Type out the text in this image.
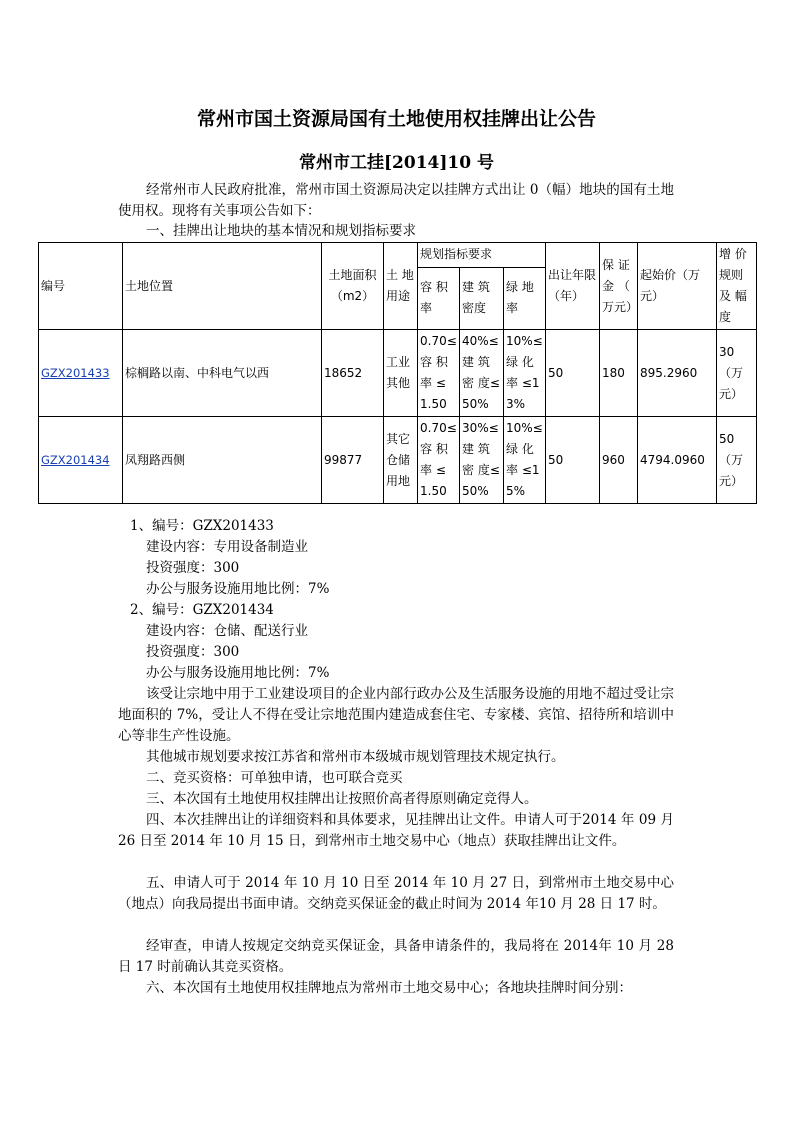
常州市国土资源局国有土地使用权挂牌出让公告
常州市工挂[2014]10 号
经常州市人民政府批准，常州市国土资源局决定以挂牌方式出让 0（幅）地块的国有土地使用权。现将有关事项公告如下：
一、挂牌出让地块的基本情况和规划指标要求
编号	土地位置	土地面积（m2）	土 地用途	规划指标要求			出让年限（年）	保 证金 （ 万元）	起始价（万元）	增 价规则及 幅度
				容 积率	建 筑密度	绿 地率				
GZX201433	棕榈路以南、中科电气以西	18652	工业 其他	0.70≤容 积率 ≤1.50	40%≤建 筑密 度≤50%	10%≤绿 化率 ≤13%	50	180	895.2960	30（万元）
GZX201434	凤翔路西侧	99877	其它 仓储 用地	0.70≤容 积率 ≤1.50	30%≤建 筑密 度≤50%	10%≤绿 化率 ≤15%	50	960	4794.0960	50（万元）
1、编号：GZX201433
建设内容：专用设备制造业
投资强度：300
办公与服务设施用地比例：7%
2、编号：GZX201434
建设内容：仓储、配送行业
投资强度：300
办公与服务设施用地比例：7%
该受让宗地中用于工业建设项目的企业内部行政办公及生活服务设施的用地不超过受让宗地面积的 7%，受让人不得在受让宗地范围内建造成套住宅、专家楼、宾馆、招待所和培训中心等非生产性设施。
其他城市规划要求按江苏省和常州市本级城市规划管理技术规定执行。
二、竞买资格：可单独申请，也可联合竞买
三、本次国有土地使用权挂牌出让按照价高者得原则确定竞得人。
四、本次挂牌出让的详细资料和具体要求，见挂牌出让文件。申请人可于2014 年 09 月 26 日至 2014 年 10 月 15 日，到常州市土地交易中心（地点）获取挂牌出让文件。
五、申请人可于 2014 年 10 月 10 日至 2014 年 10 月 27 日，到常州市土地交易中心（地点）向我局提出书面申请。交纳竞买保证金的截止时间为 2014 年10 月 28 日 17 时。
经审查，申请人按规定交纳竞买保证金，具备申请条件的，我局将在 2014年 10 月 28 日 17 时前确认其竞买资格。
六、本次国有土地使用权挂牌地点为常州市土地交易中心；各地块挂牌时间分别：
